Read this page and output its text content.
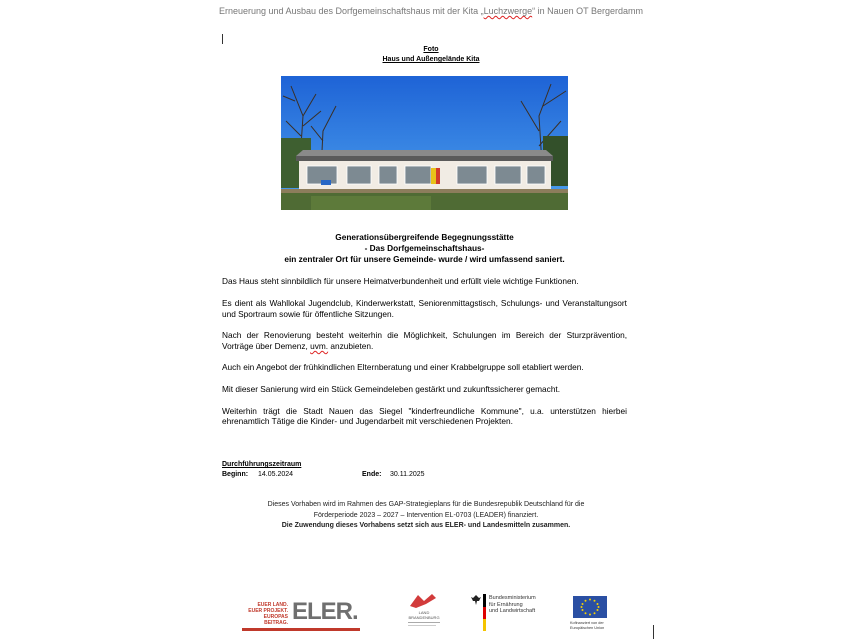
Erneuerung und Ausbau des Dorfgemeinschaftshaus mit der Kita „Luchzwerge“ in Nauen OT Bergerdamm
Foto
Haus und Außengelände Kita
Generationsübergreifende Begegnungsstätte
- Das Dorfgemeinschaftshaus-
ein zentraler Ort für unsere Gemeinde- wurde / wird umfassend saniert.

Das Haus steht sinnbildlich für unsere Heimatverbundenheit und erfüllt viele wichtige Funktionen.

Es dient als Wahllokal Jugendclub, Kinderwerkstatt, Seniorenmittagstisch, Schulungs- und Veranstaltungsort und Sportraum sowie für öffentliche Sitzungen.

Nach der Renovierung besteht weiterhin die Möglichkeit, Schulungen im Bereich der Sturzprävention, Vorträge über Demenz, uvm. anzubieten.

Auch ein Angebot der frühkindlichen Elternberatung und einer Krabbelgruppe soll etabliert werden.

Mit dieser Sanierung wird ein Stück Gemeindeleben gestärkt und zukunftssicherer gemacht.

Weiterhin trägt die Stadt Nauen das Siegel "kinderfreundliche Kommune", u.a. unterstützen hierbei ehrenamtlich Tätige die Kinder- und Jugendarbeit mit verschiedenen Projekten.

Durchführungszeitraum
Beginn:	14.05.2024	Ende:	30.11.2025
Dieses Vorhaben wird im Rahmen des GAP-Strategieplans für die Bundesrepublik Deutschland für die
Förderperiode 2023 – 2027 – Intervention EL-0703 (LEADER) finanziert.
Die Zuwendung dieses Vorhabens setzt sich aus ELER- und Landesmitteln zusammen.
EUER LAND.
EUER PROJEKT.
EUROPAS BEITRAG. ELER.	LAND
BRANDENBURG
Bundesministerium
für Ernährung
und Landwirtschaft
Kofinanziert von der
Europäischen Union
